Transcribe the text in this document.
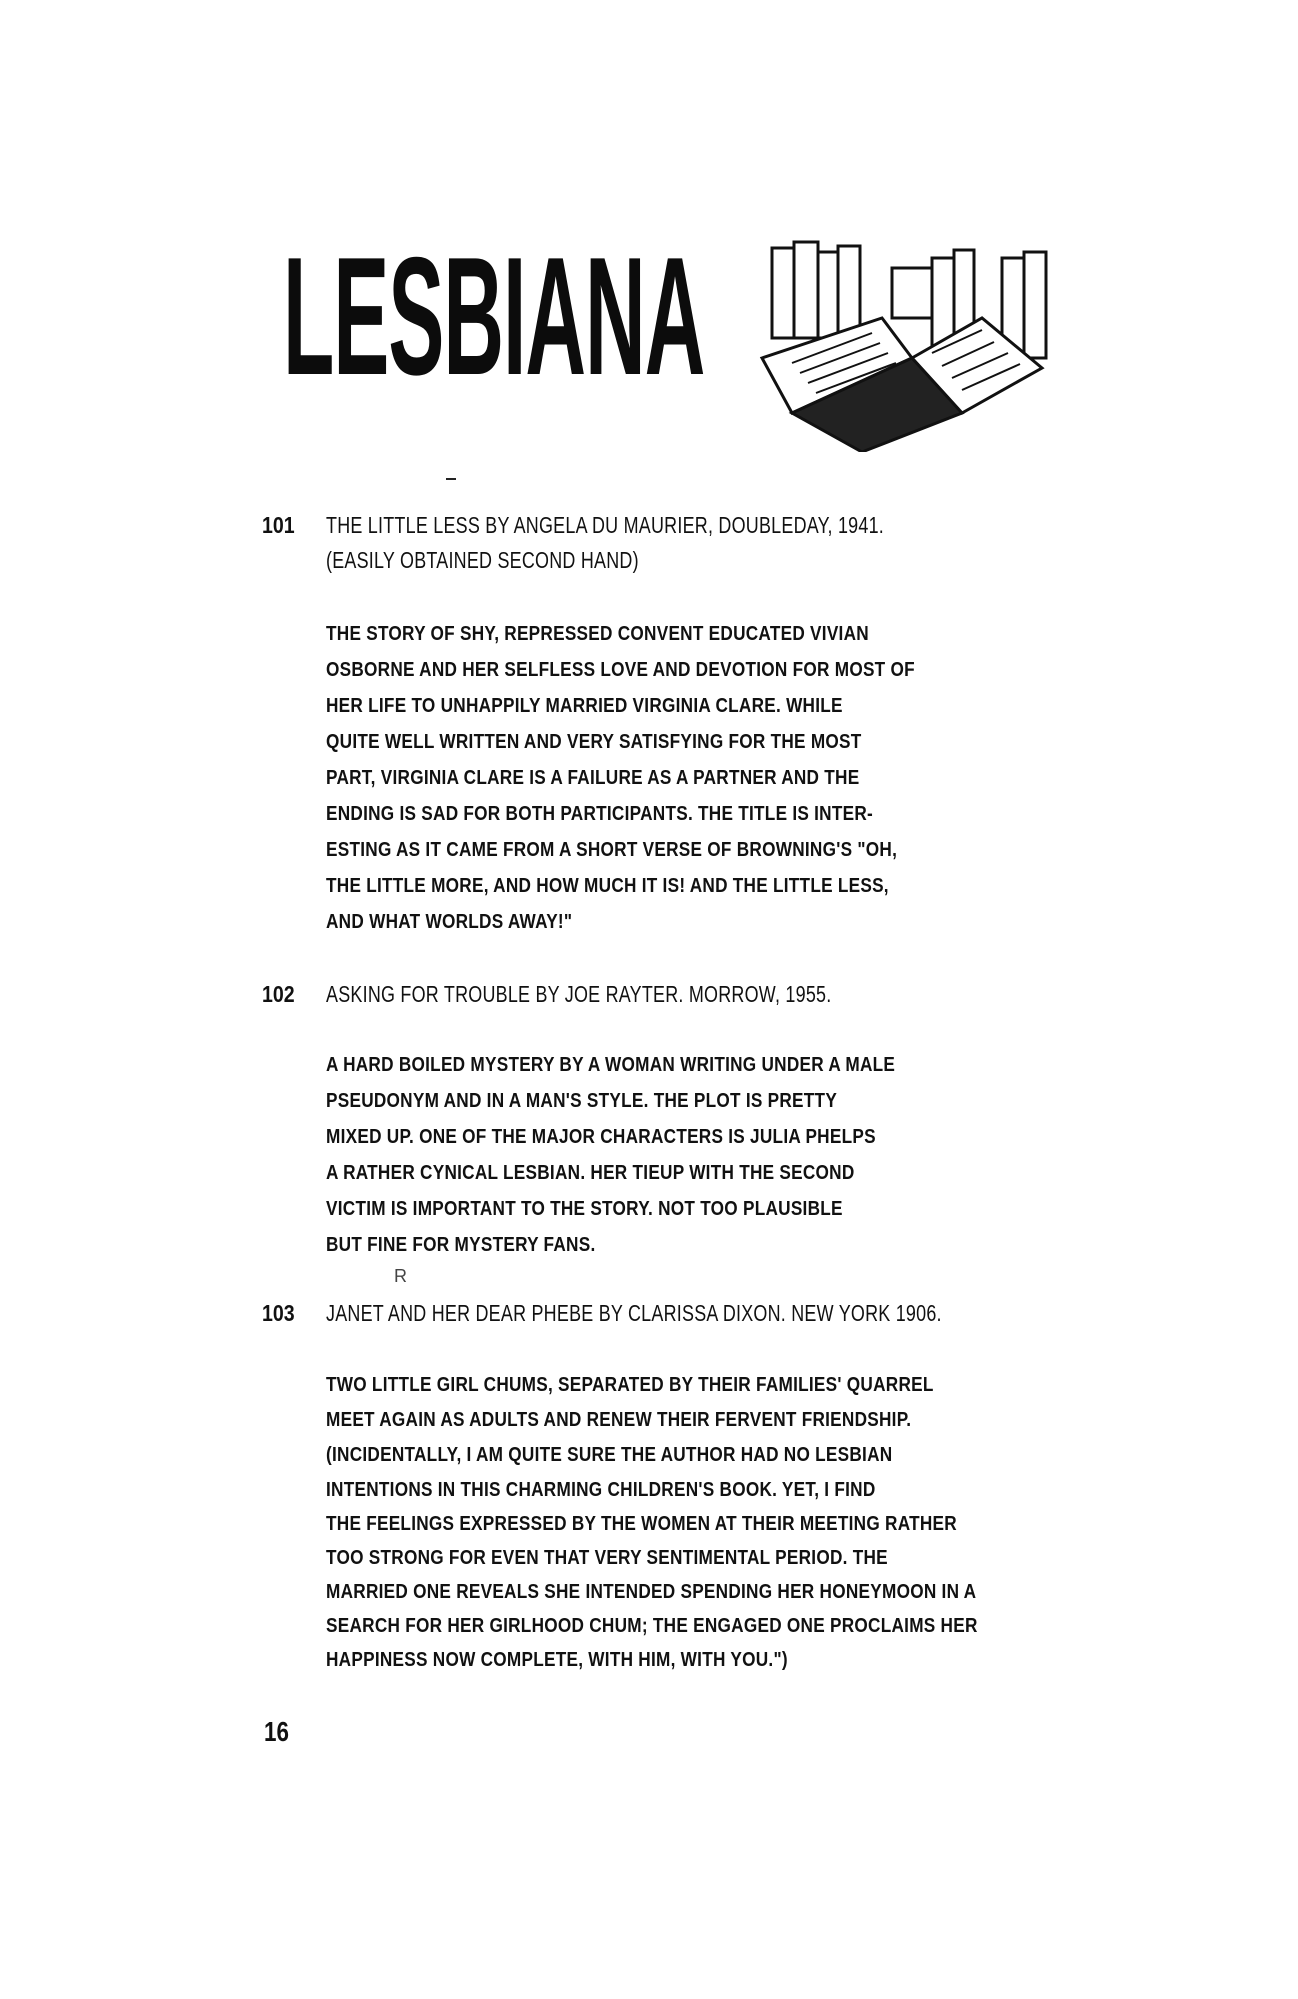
LESBIANA
101 THE LITTLE LESS BY ANGELA DU MAURIER, DOUBLEDAY, 1941.
(EASILY OBTAINED SECOND HAND)
THE STORY OF SHY, REPRESSED CONVENT EDUCATED VIVIAN
OSBORNE AND HER SELFLESS LOVE AND DEVOTION FOR MOST OF
HER LIFE TO UNHAPPILY MARRIED VIRGINIA CLARE. WHILE
QUITE WELL WRITTEN AND VERY SATISFYING FOR THE MOST
PART, VIRGINIA CLARE IS A FAILURE AS A PARTNER AND THE
ENDING IS SAD FOR BOTH PARTICIPANTS. THE TITLE IS INTER-
ESTING AS IT CAME FROM A SHORT VERSE OF BROWNING'S "OH,
THE LITTLE MORE, AND HOW MUCH IT IS! AND THE LITTLE LESS,
AND WHAT WORLDS AWAY!"
102 ASKING FOR TROUBLE BY JOE RAYTER. MORROW, 1955.
A HARD BOILED MYSTERY BY A WOMAN WRITING UNDER A MALE
PSEUDONYM AND IN A MAN'S STYLE. THE PLOT IS PRETTY
MIXED UP. ONE OF THE MAJOR CHARACTERS IS JULIA PHELPS
A RATHER CYNICAL LESBIAN. HER TIEUP WITH THE SECOND
VICTIM IS IMPORTANT TO THE STORY. NOT TOO PLAUSIBLE
BUT FINE FOR MYSTERY FANS.
R
103 JANET AND HER DEAR PHEBE BY CLARISSA DIXON. NEW YORK 1906.
TWO LITTLE GIRL CHUMS, SEPARATED BY THEIR FAMILIES' QUARREL
MEET AGAIN AS ADULTS AND RENEW THEIR FERVENT FRIENDSHIP.
(INCIDENTALLY, I AM QUITE SURE THE AUTHOR HAD NO LESBIAN
INTENTIONS IN THIS CHARMING CHILDREN'S BOOK. YET, I FIND
THE FEELINGS EXPRESSED BY THE WOMEN AT THEIR MEETING RATHER
TOO STRONG FOR EVEN THAT VERY SENTIMENTAL PERIOD. THE
MARRIED ONE REVEALS SHE INTENDED SPENDING HER HONEYMOON IN A
SEARCH FOR HER GIRLHOOD CHUM; THE ENGAGED ONE PROCLAIMS HER
HAPPINESS NOW COMPLETE, WITH HIM, WITH YOU.")
16
